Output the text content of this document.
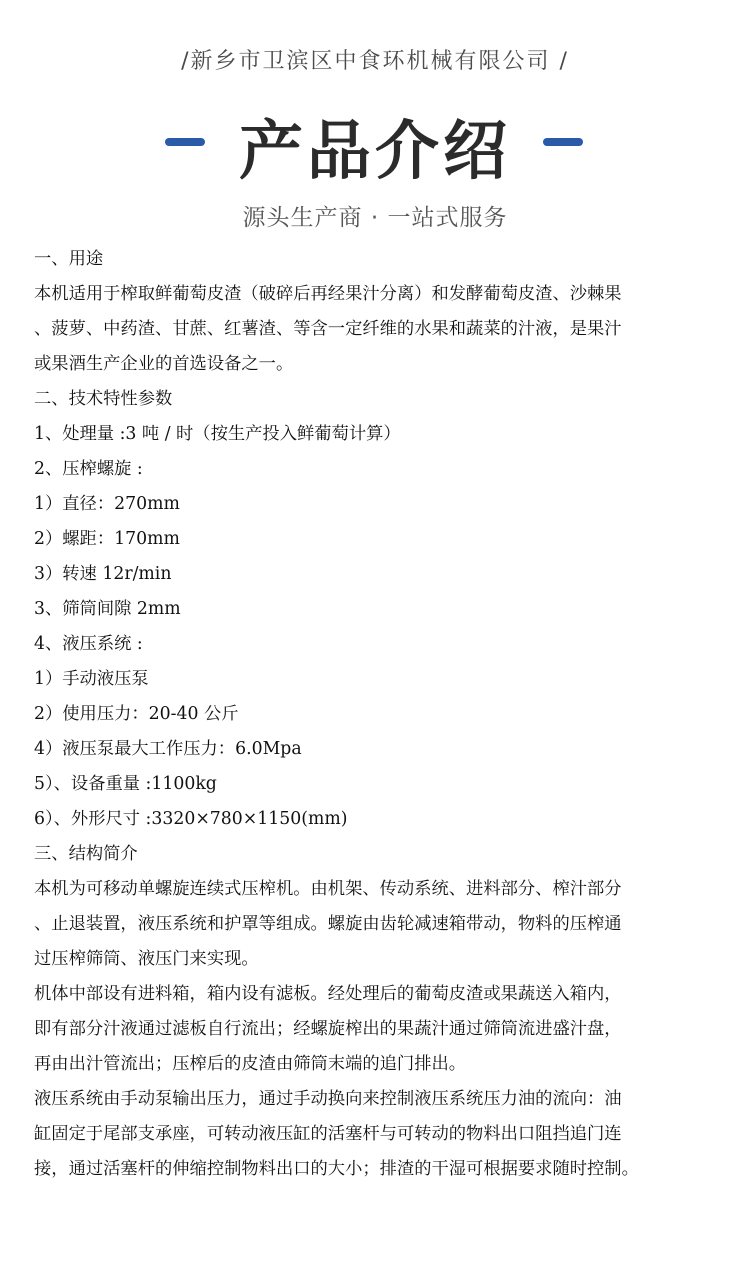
/新乡市卫滨区中食环机械有限公司 /
产品介绍
源头生产商 · 一站式服务
一、用途
本机适用于榨取鲜葡萄皮渣（破碎后再经果汁分离）和发酵葡萄皮渣、沙棘果
、菠萝、中药渣、甘蔗、红薯渣、等含一定纤维的水果和蔬菜的汁液，是果汁
或果酒生产企业的首选设备之一。
二、技术特性参数
1、处理量 :3 吨 / 时（按生产投入鲜葡萄计算）
2、压榨螺旋 :
1）直径：270mm
2）螺距：170mm
3）转速 12r/min
3、筛筒间隙 2mm
4、液压系统 :
1）手动液压泵
2）使用压力：20-40 公斤
4）液压泵最大工作压力：6.0Mpa
5）、设备重量 :1100kg
6）、外形尺寸 :3320×780×1150(mm)
三、结构简介
本机为可移动单螺旋连续式压榨机。由机架、传动系统、进料部分、榨汁部分
、止退装置，液压系统和护罩等组成。螺旋由齿轮减速箱带动，物料的压榨通
过压榨筛筒、液压门来实现。
机体中部设有进料箱，箱内设有滤板。经处理后的葡萄皮渣或果蔬送入箱内，
即有部分汁液通过滤板自行流出；经螺旋榨出的果蔬汁通过筛筒流进盛汁盘，
再由出汁管流出；压榨后的皮渣由筛筒末端的追门排出。
液压系统由手动泵输出压力，通过手动换向来控制液压系统压力油的流向：油
缸固定于尾部支承座，可转动液压缸的活塞杆与可转动的物料出口阻挡追门连
接，通过活塞杆的伸缩控制物料出口的大小；排渣的干湿可根据要求随时控制。
